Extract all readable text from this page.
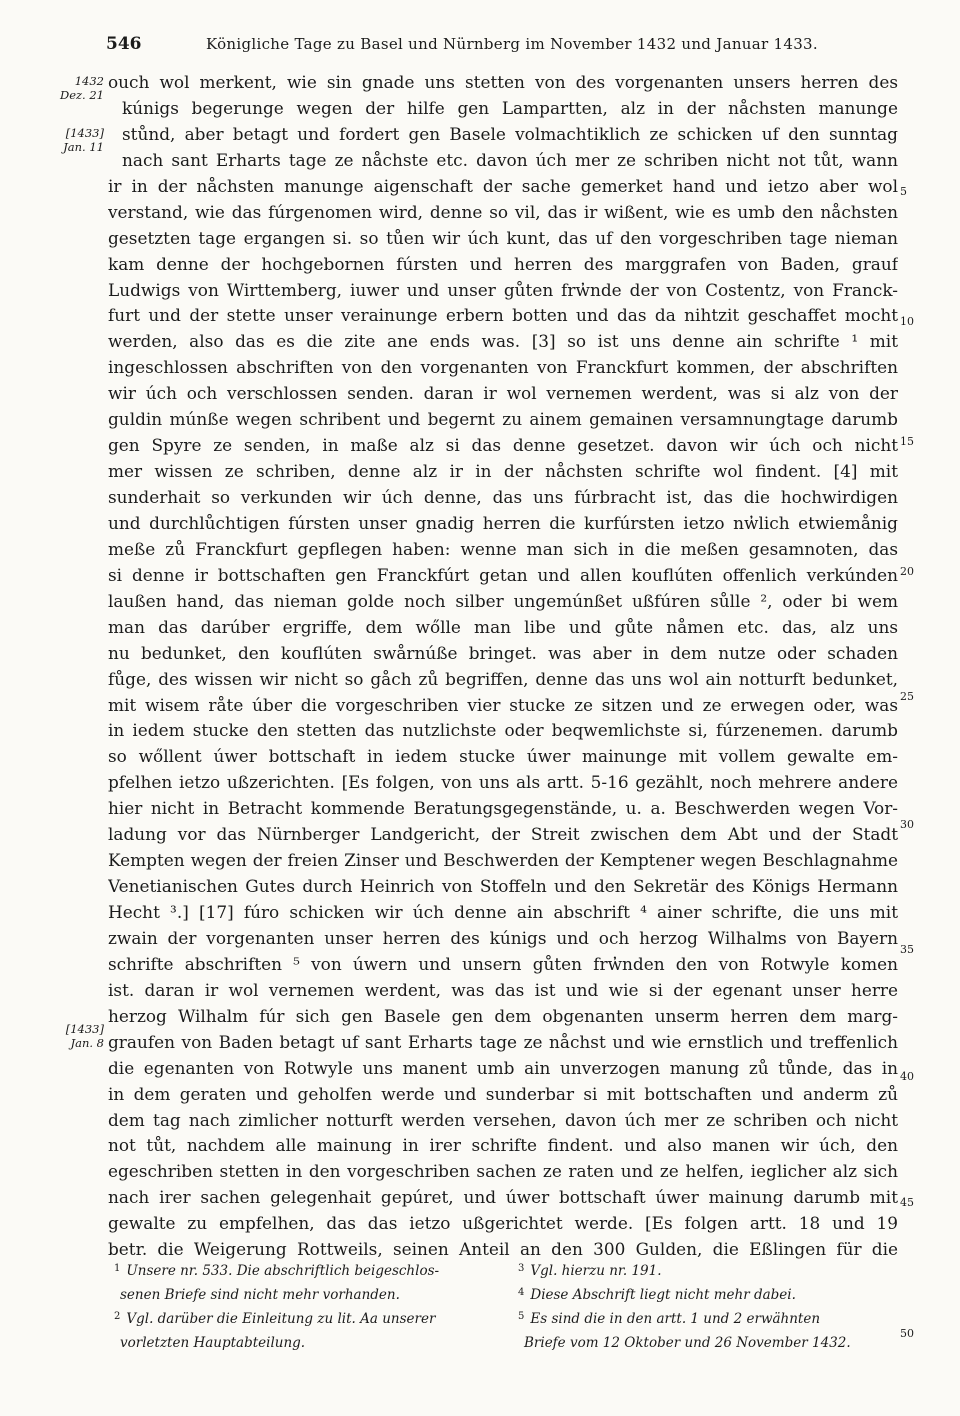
546	Königliche Tage zu Basel und Nürnberg im November 1432 und Januar 1433.
1432
Dez. 21
[1433]
Jan. 11
[1433]
Jan. 8
5
10
15
20
25
30
35
40
45
50
ouch wol merkent, wie sin gnade uns stetten von des vorgenanten unsers herren des
kúnigs begerunge wegen der hilfe gen Lampartten, alz in der nåchsten manunge
stůnd, aber betagt und fordert gen Basele volmachtiklich ze schicken uf den sunntag
nach sant Erharts tage ze nåchste etc. davon úch mer ze schriben nicht not tůt, wann
ir in der nåchsten manunge aigenschaft der sache gemerket hand und ietzo aber wol
verstand, wie das fúrgenomen wird, denne so vil, das ir wißent, wie es umb den nåchsten
gesetzten tage ergangen si. so tůen wir úch kunt, das uf den vorgeschriben tage nieman
kam denne der hochgebornen fúrsten und herren des marggrafen von Baden, grauf
Ludwigs von Wirttemberg, iuwer und unser gůten frw̓nde der von Costentz, von Franck-
furt und der stette unser verainunge erbern botten und das da nihtzit geschaffet mocht
werden, also das es die zite ane ends was. [3] so ist uns denne ain schrifte ¹ mit
ingeschlossen abschriften von den vorgenanten von Franckfurt kommen, der abschriften
wir úch och verschlossen senden. daran ir wol vernemen werdent, was si alz von der
guldin múnße wegen schribent und begernt zu ainem gemainen versamnungtage darumb
gen Spyre ze senden, in maße alz si das denne gesetzet. davon wir úch och nicht
mer wissen ze schriben, denne alz ir in der nåchsten schrifte wol findent. [4] mit
sunderhait so verkunden wir úch denne, das uns fúrbracht ist, das die hochwirdigen
und durchlůchtigen fúrsten unser gnadig herren die kurfúrsten ietzo nw̓lich etwiemånig
meße zů Franckfurt gepflegen haben: wenne man sich in die meßen gesamnoten, das
si denne ir bottschaften gen Franckfúrt getan und allen kouflúten offenlich verkúnden
laußen hand, das nieman golde noch silber ungemúnßet ußfúren sůlle ², oder bi wem
man das darúber ergriffe, dem wőlle man libe und gůte nåmen etc. das, alz uns
nu bedunket, den kouflúten swårnúße bringet. was aber in dem nutze oder schaden
fůge, des wissen wir nicht so gåch zů begriffen, denne das uns wol ain notturft bedunket,
mit wisem råte úber die vorgeschriben vier stucke ze sitzen und ze erwegen oder, was
in iedem stucke den stetten das nutzlichste oder beqwemlichste si, fúrzenemen. darumb
so wőllent úwer bottschaft in iedem stucke úwer mainunge mit vollem gewalte em-
pfelhen ietzo ußzerichten. [Es folgen, von uns als artt. 5-16 gezählt, noch mehrere andere
hier nicht in Betracht kommende Beratungsgegenstände, u. a. Beschwerden wegen Vor-
ladung vor das Nürnberger Landgericht, der Streit zwischen dem Abt und der Stadt
Kempten wegen der freien Zinser und Beschwerden der Kemptener wegen Beschlagnahme
Venetianischen Gutes durch Heinrich von Stoffeln und den Sekretär des Königs Hermann
Hecht ³.] [17] fúro schicken wir úch denne ain abschrift ⁴ ainer schrifte, die uns mit
zwain der vorgenanten unser herren des kúnigs und och herzog Wilhalms von Bayern
schrifte abschriften ⁵ von úwern und unsern gůten frw̓nden den von Rotwyle komen
ist. daran ir wol vernemen werdent, was das ist und wie si der egenant unser herre
herzog Wilhalm fúr sich gen Basele gen dem obgenanten unserm herren dem marg-
graufen von Baden betagt uf sant Erharts tage ze nåchst und wie ernstlich und treffenlich
die egenanten von Rotwyle uns manent umb ain unverzogen manung zů tůnde, das in
in dem geraten und geholfen werde und sunderbar si mit bottschaften und anderm zů
dem tag nach zimlicher notturft werden versehen, davon úch mer ze schriben och nicht
not tůt, nachdem alle mainung in irer schrifte findent. und also manen wir úch, den
egeschriben stetten in den vorgeschriben sachen ze raten und ze helfen, ieglicher alz sich
nach irer sachen gelegenhait gepúret, und úwer bottschaft úwer mainung darumb mit
gewalte zu empfelhen, das das ietzo ußgerichtet werde. [Es folgen artt. 18 und 19
betr. die Weigerung Rottweils, seinen Anteil an den 300 Gulden, die Eßlingen für die
$^1$ Unsere nr. 533. Die abschriftlich beigeschlos-
senen Briefe sind nicht mehr vorhanden.
$^2$ Vgl. darüber die Einleitung zu lit. Aa unserer
vorletzten Hauptabteilung.
$^3$ Vgl. hierzu nr. 191.
$^4$ Diese Abschrift liegt nicht mehr dabei.
$^5$ Es sind die in den artt. 1 und 2 erwähnten
Briefe vom 12 Oktober und 26 November 1432.
